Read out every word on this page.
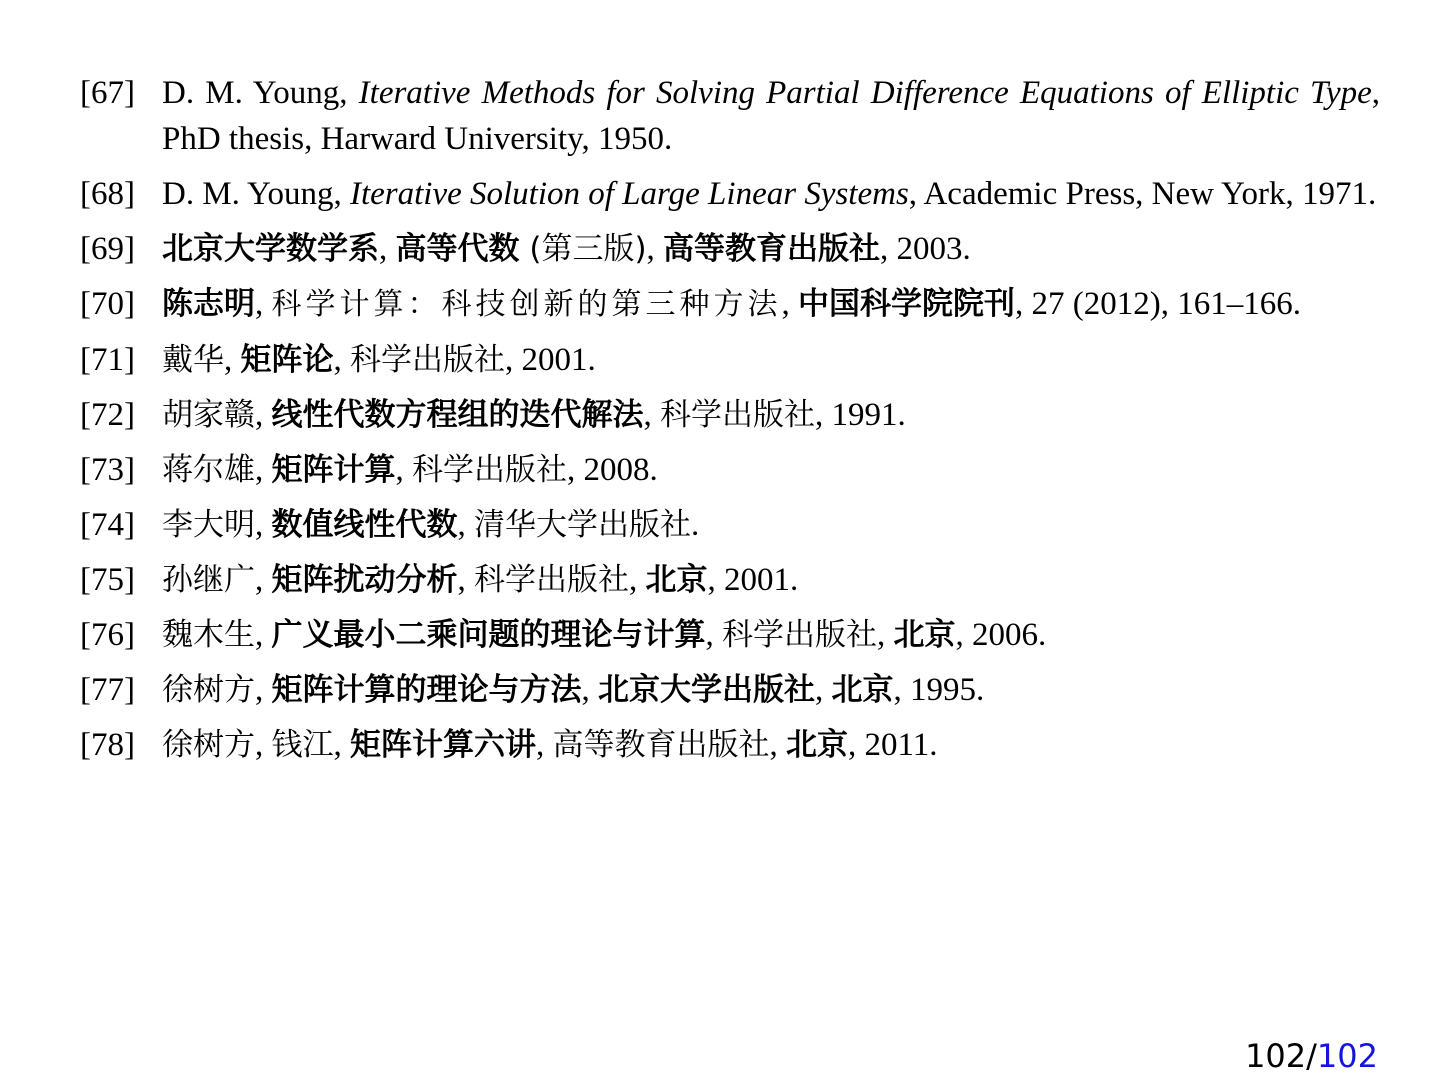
[67] D. M. Young, Iterative Methods for Solving Partial Difference Equations of Elliptic Type, PhD thesis, Harward University, 1950.
[68] D. M. Young, Iterative Solution of Large Linear Systems, Academic Press, New York, 1971.
[69] 北京大学数学系, 高等代数 (第三版), 高等教育出版社, 2003.
[70] 陈志明, 科学计算：科技创新的第三种方法, 中国科学院院刊, 27 (2012), 161–166.
[71] 戴华, 矩阵论, 科学出版社, 2001.
[72] 胡家赣, 线性代数方程组的迭代解法, 科学出版社, 1991.
[73] 蒋尔雄, 矩阵计算, 科学出版社, 2008.
[74] 李大明, 数值线性代数, 清华大学出版社.
[75] 孙继广, 矩阵扰动分析, 科学出版社, 北京, 2001.
[76] 魏木生, 广义最小二乘问题的理论与计算, 科学出版社, 北京, 2006.
[77] 徐树方, 矩阵计算的理论与方法, 北京大学出版社, 北京, 1995.
[78] 徐树方, 钱江, 矩阵计算六讲, 高等教育出版社, 北京, 2011.
102/102
